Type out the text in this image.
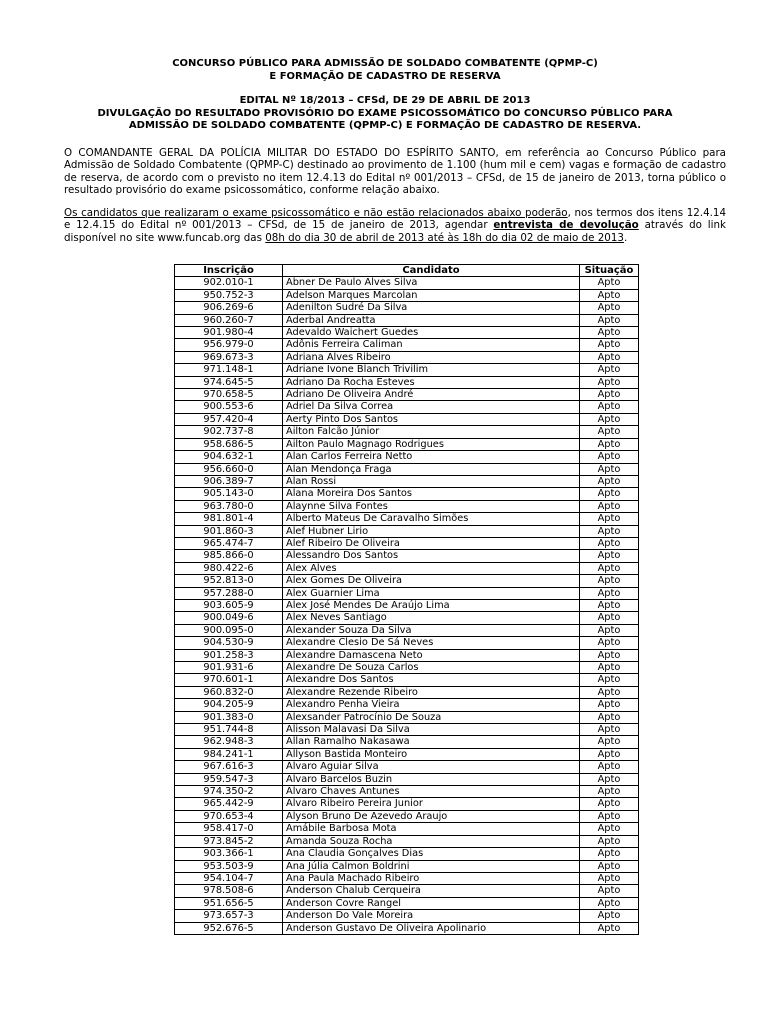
CONCURSO PÚBLICO PARA ADMISSÃO DE SOLDADO COMBATENTE (QPMP-C)
E FORMAÇÃO DE CADASTRO DE RESERVA
EDITAL Nº 18/2013 – CFSd, DE 29 DE ABRIL DE 2013
DIVULGAÇÃO DO RESULTADO PROVISÓRIO DO EXAME PSICOSSOMÁTICO DO CONCURSO PÚBLICO PARA
ADMISSÃO DE SOLDADO COMBATENTE (QPMP-C) E FORMAÇÃO DE CADASTRO DE RESERVA.
O COMANDANTE GERAL DA POLÍCIA MILITAR DO ESTADO DO ESPÍRITO SANTO, em referência ao Concurso Público para Admissão de Soldado Combatente (QPMP-C) destinado ao provimento de 1.100 (hum mil e cem) vagas e formação de cadastro de reserva, de acordo com o previsto no item 12.4.13 do Edital nº 001/2013 – CFSd, de 15 de janeiro de 2013, torna público o resultado provisório do exame psicossomático, conforme relação abaixo.
Os candidatos que realizaram o exame psicossomático e não estão relacionados abaixo poderão, nos termos dos itens 12.4.14 e 12.4.15 do Edital nº 001/2013 – CFSd, de 15 de janeiro de 2013, agendar entrevista de devolução através do link disponível no site www.funcab.org das 08h do dia 30 de abril de 2013 até às 18h do dia 02 de maio de 2013.
Inscrição	Candidato	Situação
902.010-1	Abner De Paulo Alves Silva	Apto
950.752-3	Adelson Marques Marcolan	Apto
906.269-6	Adenilton Sudré Da Silva	Apto
960.260-7	Aderbal Andreatta	Apto
901.980-4	Adevaldo Waichert Guedes	Apto
956.979-0	Adônis Ferreira Caliman	Apto
969.673-3	Adriana Alves Ribeiro	Apto
971.148-1	Adriane Ivone Blanch Trivilim	Apto
974.645-5	Adriano Da Rocha Esteves	Apto
970.658-5	Adriano De Oliveira André	Apto
900.553-6	Adriel Da Silva Correa	Apto
957.420-4	Aerty Pinto Dos Santos	Apto
902.737-8	Ailton Falcão Júnior	Apto
958.686-5	Ailton Paulo Magnago Rodrigues	Apto
904.632-1	Alan Carlos Ferreira Netto	Apto
956.660-0	Alan Mendonça Fraga	Apto
906.389-7	Alan Rossi	Apto
905.143-0	Alana Moreira Dos Santos	Apto
963.780-0	Alaynne Silva Fontes	Apto
981.801-4	Alberto Mateus De Caravalho Simões	Apto
901.860-3	Alef Hubner Lirio	Apto
965.474-7	Alef Ribeiro De Oliveira	Apto
985.866-0	Alessandro Dos Santos	Apto
980.422-6	Alex Alves	Apto
952.813-0	Alex Gomes De Oliveira	Apto
957.288-0	Alex Guarnier Lima	Apto
903.605-9	Alex José Mendes De Araújo Lima	Apto
900.049-6	Alex Neves Santiago	Apto
900.095-0	Alexander Souza Da Silva	Apto
904.530-9	Alexandre Clesio De Sá Neves	Apto
901.258-3	Alexandre Damascena Neto	Apto
901.931-6	Alexandre De Souza Carlos	Apto
970.601-1	Alexandre Dos Santos	Apto
960.832-0	Alexandre Rezende Ribeiro	Apto
904.205-9	Alexandro Penha Vieira	Apto
901.383-0	Alexsander Patrocínio De Souza	Apto
951.744-8	Alisson Malavasi Da Silva	Apto
962.948-3	Allan Ramalho Nakasawa	Apto
984.241-1	Allyson Bastida Monteiro	Apto
967.616-3	Álvaro Aguiar Silva	Apto
959.547-3	Alvaro Barcelos Buzin	Apto
974.350-2	Alvaro Chaves Antunes	Apto
965.442-9	Alvaro Ribeiro Pereira Junior	Apto
970.653-4	Alyson Bruno De Azevedo Araujo	Apto
958.417-0	Amábile Barbosa Mota	Apto
973.845-2	Amanda Souza Rocha	Apto
903.366-1	Ana Claudia Gonçalves Dias	Apto
953.503-9	Ana Júlia Calmon Boldrini	Apto
954.104-7	Ana Paula Machado Ribeiro	Apto
978.508-6	Anderson Chalub Cerqueira	Apto
951.656-5	Anderson Covre Rangel	Apto
973.657-3	Anderson Do Vale Moreira	Apto
952.676-5	Anderson Gustavo De Oliveira Apolinario	Apto
